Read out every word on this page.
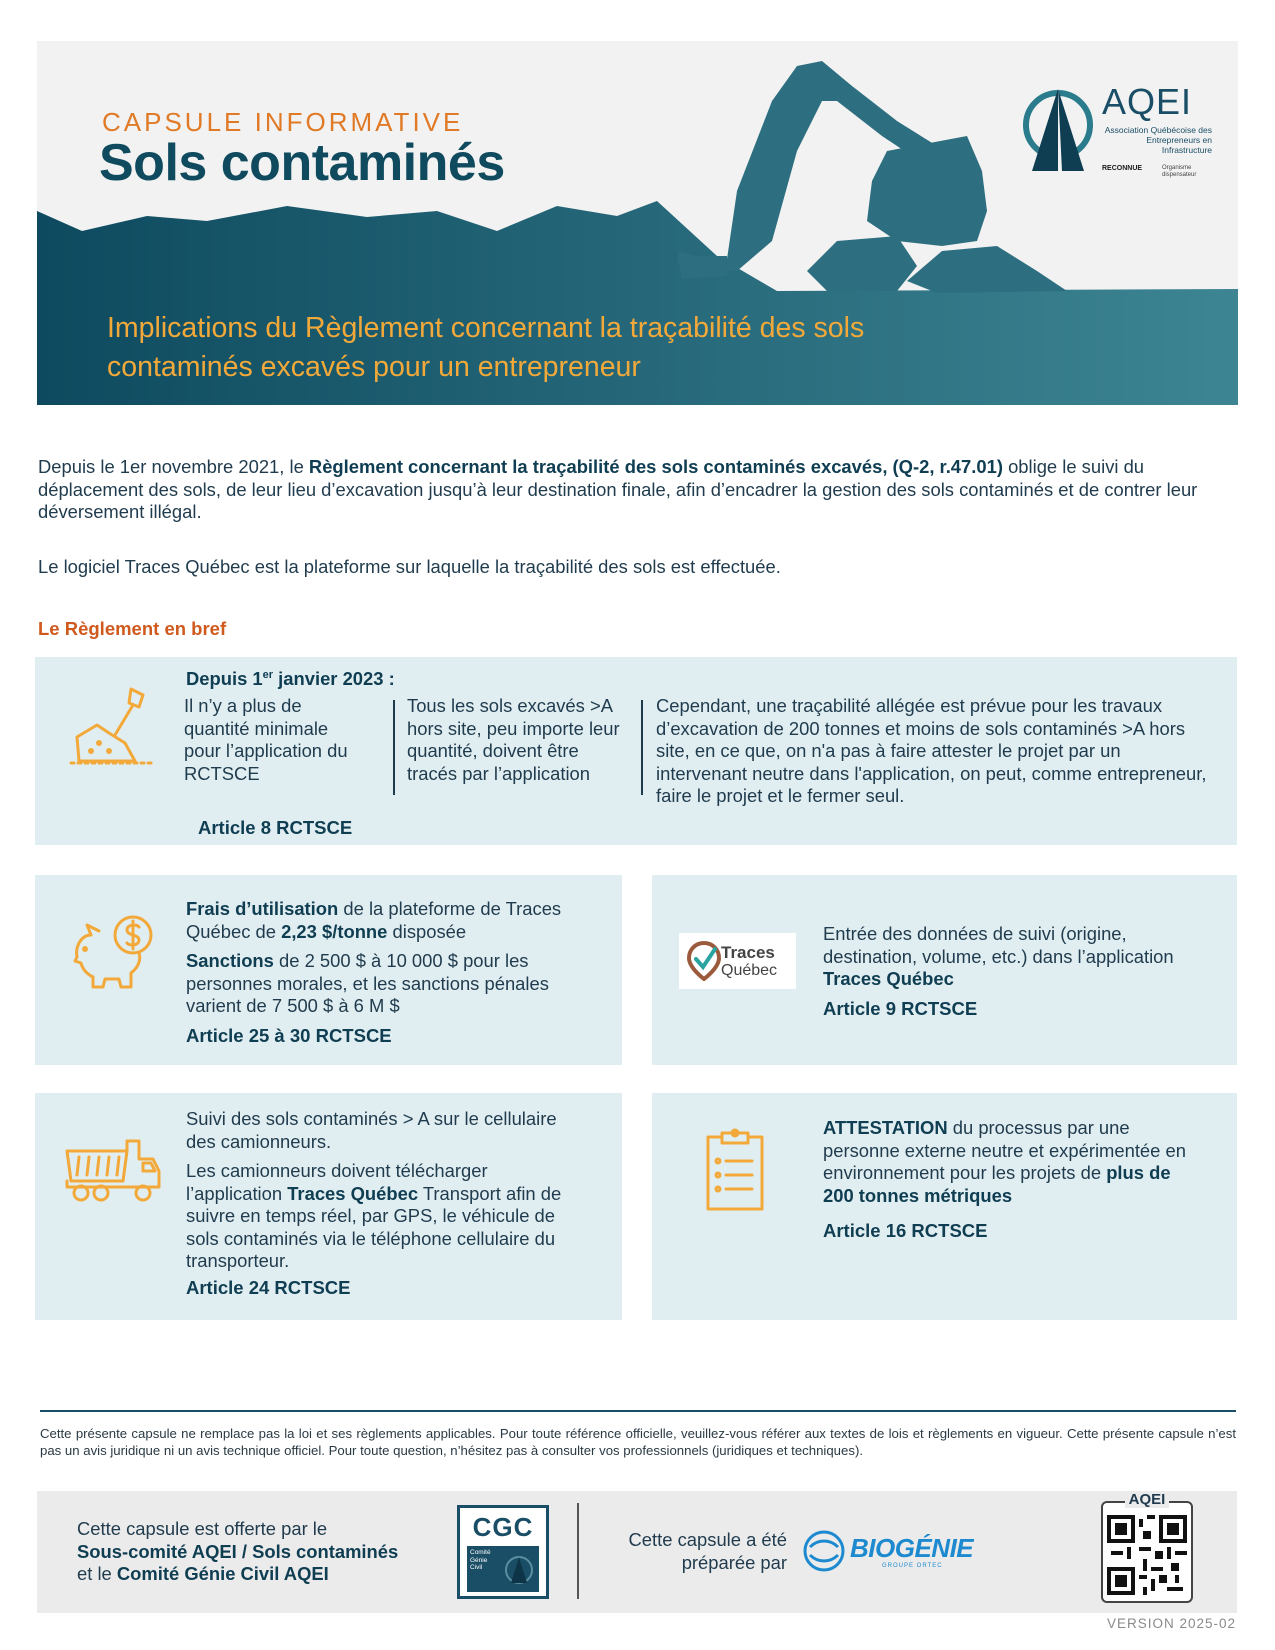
CAPSULE INFORMATIVE
Sols contaminés
Implications du Règlement concernant la traçabilité des sols contaminés excavés pour un entrepreneur
AQEI
Association Québécoise des Entrepreneurs en Infrastructure
RECONNUE	Organisme dispensateur

Depuis le 1er novembre 2021, le Règlement concernant la traçabilité des sols contaminés excavés, (Q-2, r.47.01) oblige le suivi du déplacement des sols, de leur lieu d’excavation jusqu’à leur destination finale, afin d’encadrer la gestion des sols contaminés et de contrer leur déversement illégal.

Le logiciel Traces Québec est la plateforme sur laquelle la traçabilité des sols est effectuée.

Le Règlement en bref
Depuis 1er janvier 2023 :
Il n’y a plus de quantité minimale pour l’application du RCTSCE
Tous les sols excavés >A hors site, peu importe leur quantité, doivent être tracés par l’application
Cependant, une traçabilité allégée est prévue pour les travaux d’excavation de 200 tonnes et moins de sols contaminés >A hors site, en ce que, on n'a pas à faire attester le projet par un intervenant neutre dans l'application, on peut, comme entrepreneur, faire le projet et le fermer seul.
Article 8 RCTSCE
Frais d’utilisation de la plateforme de Traces Québec de 2,23 $/tonne disposée
Sanctions de 2 500 $ à 10 000 $ pour les personnes morales, et les sanctions pénales varient de 7 500 $ à 6 M $
Article 25 à 30 RCTSCE
Traces
Québec
Entrée des données de suivi (origine, destination, volume, etc.) dans l’application Traces Québec
Article 9 RCTSCE
Suivi des sols contaminés > A sur le cellulaire des camionneurs.
Les camionneurs doivent télécharger l’application Traces Québec Transport afin de suivre en temps réel, par GPS, le véhicule de sols contaminés via le téléphone cellulaire du transporteur.
Article 24 RCTSCE
ATTESTATION du processus par une personne externe neutre et expérimentée en environnement pour les projets de plus de 200 tonnes métriques
Article 16 RCTSCE

Cette présente capsule ne remplace pas la loi et ses règlements applicables. Pour toute référence officielle, veuillez-vous référer aux textes de lois et règlements en vigueur. Cette présente capsule n’est pas un avis juridique ni un avis technique officiel. Pour toute question, n’hésitez pas à consulter vos professionnels (juridiques et techniques).

Cette capsule est offerte par le
Sous-comité AQEI / Sols contaminés
et le Comité Génie Civil AQEI
CGC
Comité Génie Civil
Cette capsule a été
préparée par BIOGÉNIE
GROUPE ORTEC
AQEI
VERSION 2025-02
